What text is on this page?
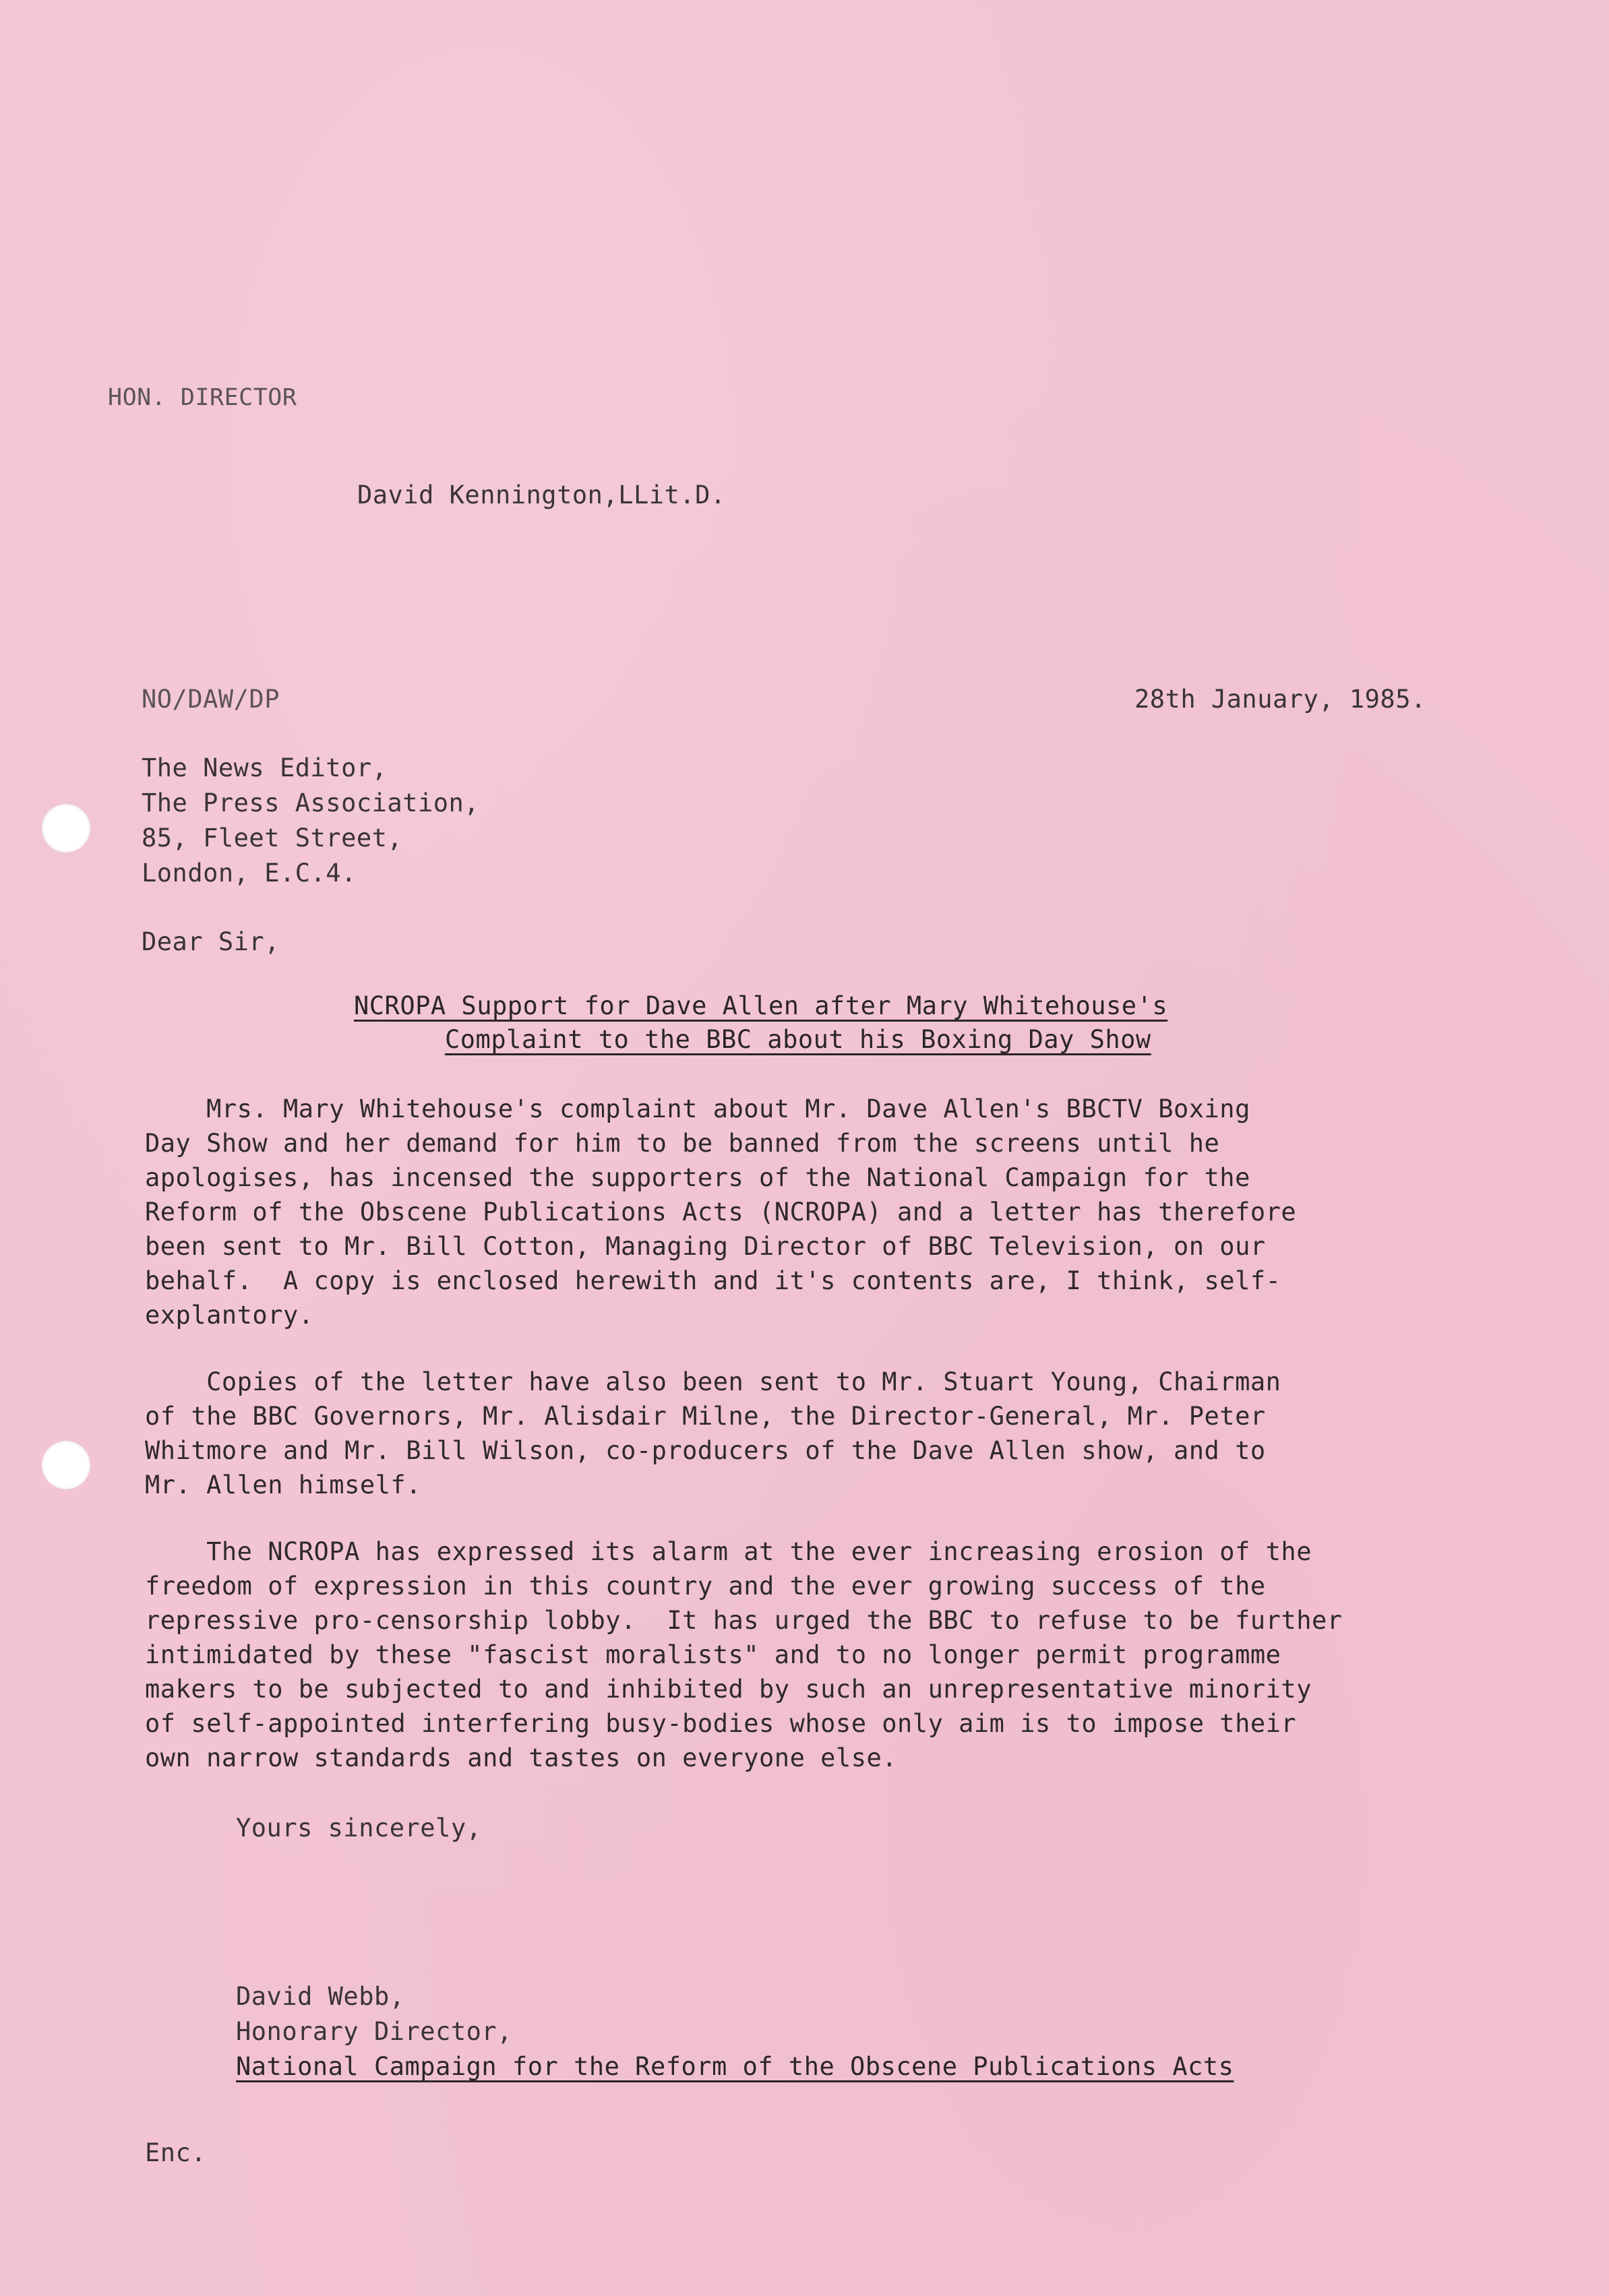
HON. DIRECTOR
David Kennington,LLit.D.
NO/DAW/DP	28th January, 1985.
The News Editor,
The Press Association,
85, Fleet Street,
London, E.C.4.
Dear Sir,
NCROPA Support for Dave Allen after Mary Whitehouse's
Complaint to the BBC about his Boxing Day Show
Mrs. Mary Whitehouse's complaint about Mr. Dave Allen's BBCTV Boxing
Day Show and her demand for him to be banned from the screens until he
apologises, has incensed the supporters of the National Campaign for the
Reform of the Obscene Publications Acts (NCROPA) and a letter has therefore
been sent to Mr. Bill Cotton, Managing Director of BBC Television, on our
behalf.  A copy is enclosed herewith and it's contents are, I think, self-
explantory.
Copies of the letter have also been sent to Mr. Stuart Young, Chairman
of the BBC Governors, Mr. Alisdair Milne, the Director-General, Mr. Peter
Whitmore and Mr. Bill Wilson, co-producers of the Dave Allen show, and to
Mr. Allen himself.
The NCROPA has expressed its alarm at the ever increasing erosion of the
freedom of expression in this country and the ever growing success of the
repressive pro-censorship lobby.  It has urged the BBC to refuse to be further
intimidated by these "fascist moralists" and to no longer permit programme
makers to be subjected to and inhibited by such an unrepresentative minority
of self-appointed interfering busy-bodies whose only aim is to impose their
own narrow standards and tastes on everyone else.
Yours sincerely,
David Webb,
Honorary Director,
National Campaign for the Reform of the Obscene Publications Acts
Enc.
